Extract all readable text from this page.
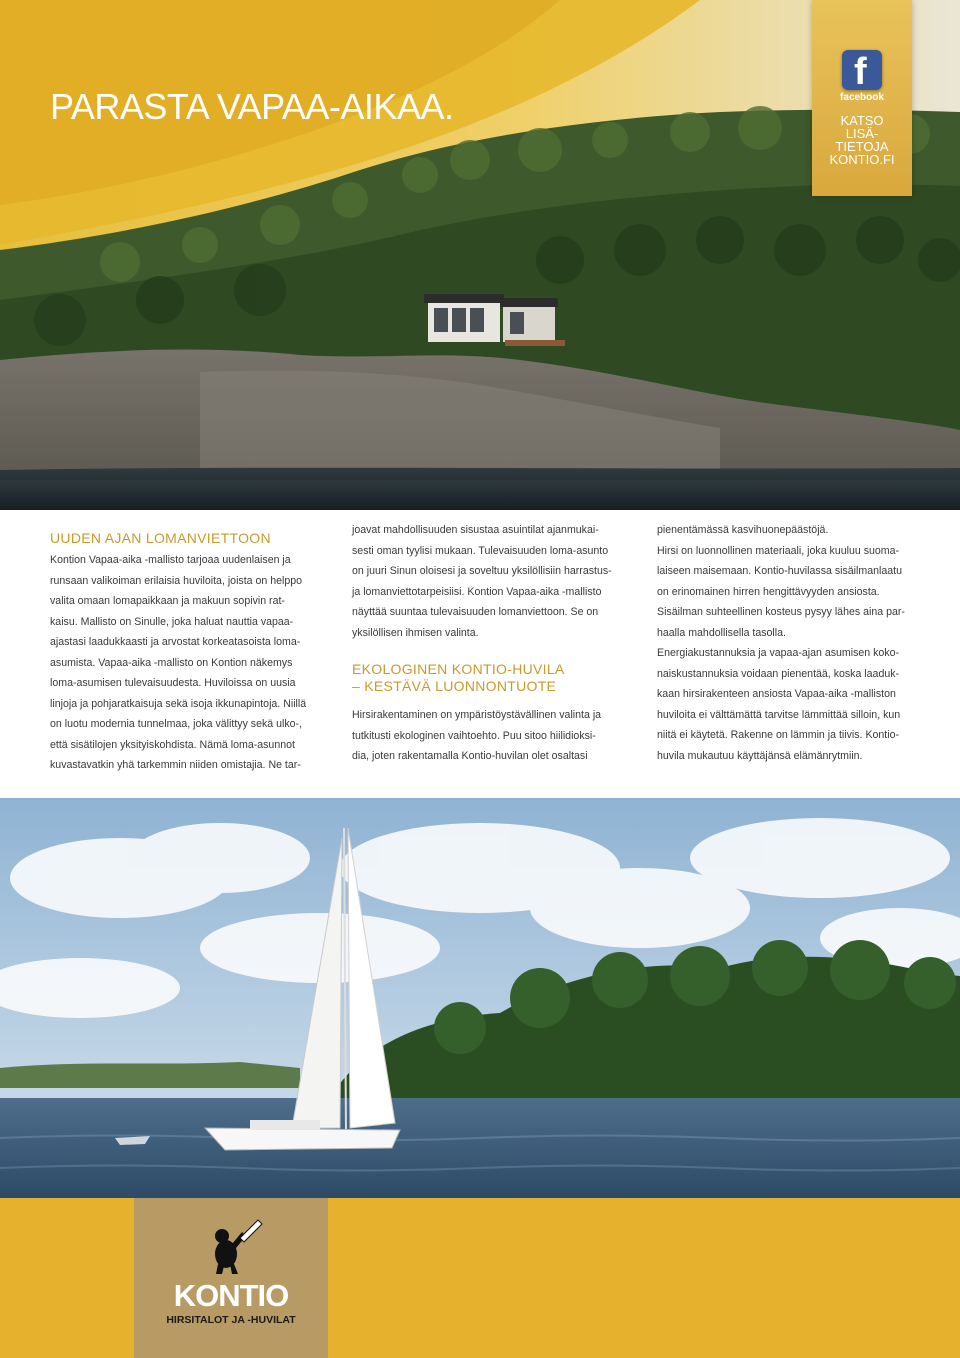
PARASTA VAPAA-AIKAA.
f
facebook
KATSO
LISÄ-
TIETOJA
KONTIO.FI

UUDEN AJAN LOMANVIETTOON

Kontion Vapaa-aika -mallisto tarjoaa uudenlaisen ja

runsaan valikoiman erilaisia huviloita, joista on helppo

valita omaan lomapaikkaan ja makuun sopivin rat-

kaisu. Mallisto on Sinulle, joka haluat nauttia vapaa-

ajastasi laadukkaasti ja arvostat korkeatasoista loma-

asumista. Vapaa-aika -mallisto on Kontion näkemys

loma-asumisen tulevaisuudesta. Huviloissa on uusia

linjoja ja pohjaratkaisuja sekä isoja ikkunapintoja. Niillä

on luotu modernia tunnelmaa, joka välittyy sekä ulko-,

että sisätilojen yksityiskohdista. Nämä loma-asunnot

kuvastavatkin yhä tarkemmin niiden omistajia. Ne tar-

joavat mahdollisuuden sisustaa asuintilat ajanmukai-

sesti oman tyylisi mukaan. Tulevaisuuden loma-asunto

on juuri Sinun oloisesi ja soveltuu yksilöllisiin harrastus-

ja lomanviettotarpeisiisi. Kontion Vapaa-aika -mallisto

näyttää suuntaa tulevaisuuden lomanviettoon. Se on

yksilöllisen ihmisen valinta.

EKOLOGINEN KONTIO-HUVILA

– KESTÄVÄ LUONNONTUOTE

Hirsirakentaminen on ympäristöystävällinen valinta ja

tutkitusti ekologinen vaihtoehto. Puu sitoo hiilidioksi-

dia, joten rakentamalla Kontio-huvilan olet osaltasi

pienentämässä kasvihuonepäästöjä.

Hirsi on luonnollinen materiaali, joka kuuluu suoma-

laiseen maisemaan. Kontio-huvilassa sisäilmanlaatu

on erinomainen hirren hengittävyyden ansiosta.

Sisäilman suhteellinen kosteus pysyy lähes aina par-

haalla mahdollisella tasolla.

Energiakustannuksia ja vapaa-ajan asumisen koko-

naiskustannuksia voidaan pienentää, koska laaduk-

kaan hirsirakenteen ansiosta Vapaa-aika -malliston

huviloita ei välttämättä tarvitse lämmittää silloin, kun

niitä ei käytetä. Rakenne on lämmin ja tiivis. Kontio-

huvila mukautuu käyttäjänsä elämänrytmiin.

KONTIO
HIRSITALOT JA -HUVILAT
